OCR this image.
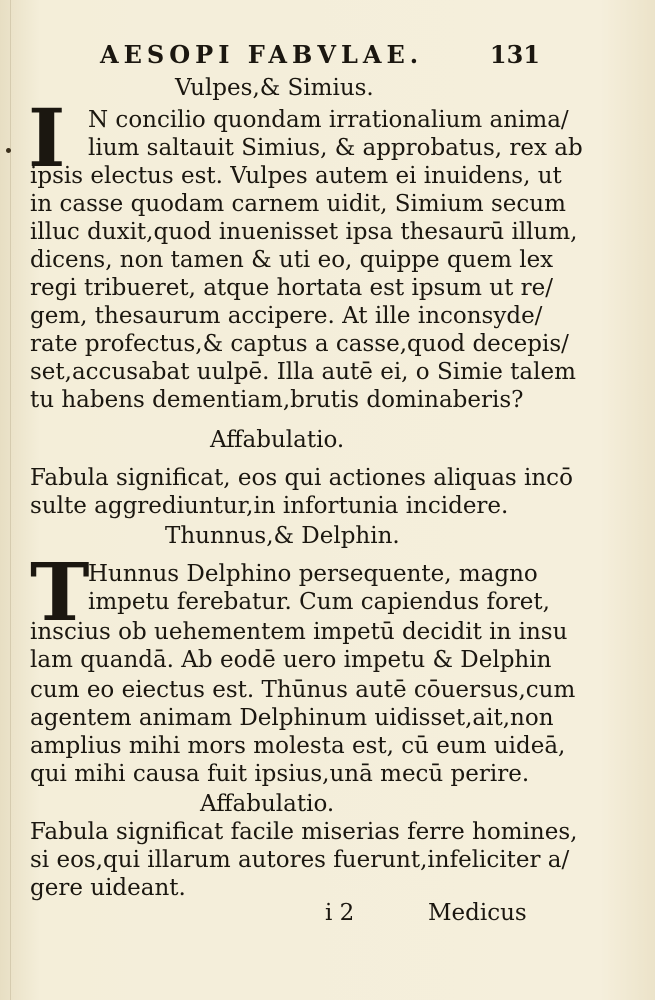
AESOPI FABVLAE.	131
Vulpes,& Simius.
I N concilio quondam irrationalium anima/
lium saltauit Simius, & approbatus, rex ab
ipsis electus est. Vulpes autem ei inuidens, ut
in casse quodam carnem uidit, Simium secum
illuc duxit,quod inuenisset ipsa thesaurū illum,
dicens, non tamen & uti eo, quippe quem lex
regi tribueret, atque hortata est ipsum ut re/
gem, thesaurum accipere. At ille inconsyde/
rate profectus,& captus a casse,quod decepis/
set,accusabat uulpē. Illa autē ei, o Simie talem
tu habens dementiam,brutis dominaberis?
Affabulatio.
Fabula significat, eos qui actiones aliquas incō
sulte aggrediuntur,in infortunia incidere.
Thunnus,& Delphin.
T
Hunnus Delphino persequente, magno
impetu ferebatur. Cum capiendus foret,
inscius ob uehementem impetū decidit in insu
lam quandā. Ab eodē uero impetu & Delphin
cum eo eiectus est. Thūnus autē cōuersus,cum
agentem animam Delphinum uidisset,ait,non
amplius mihi mors molesta est, cū eum uideā,
qui mihi causa fuit ipsius,unā mecū perire.
Affabulatio.
Fabula significat facile miserias ferre homines,
si eos,qui illarum autores fuerunt,infeliciter a/
gere uideant.
i 2	Medicus
